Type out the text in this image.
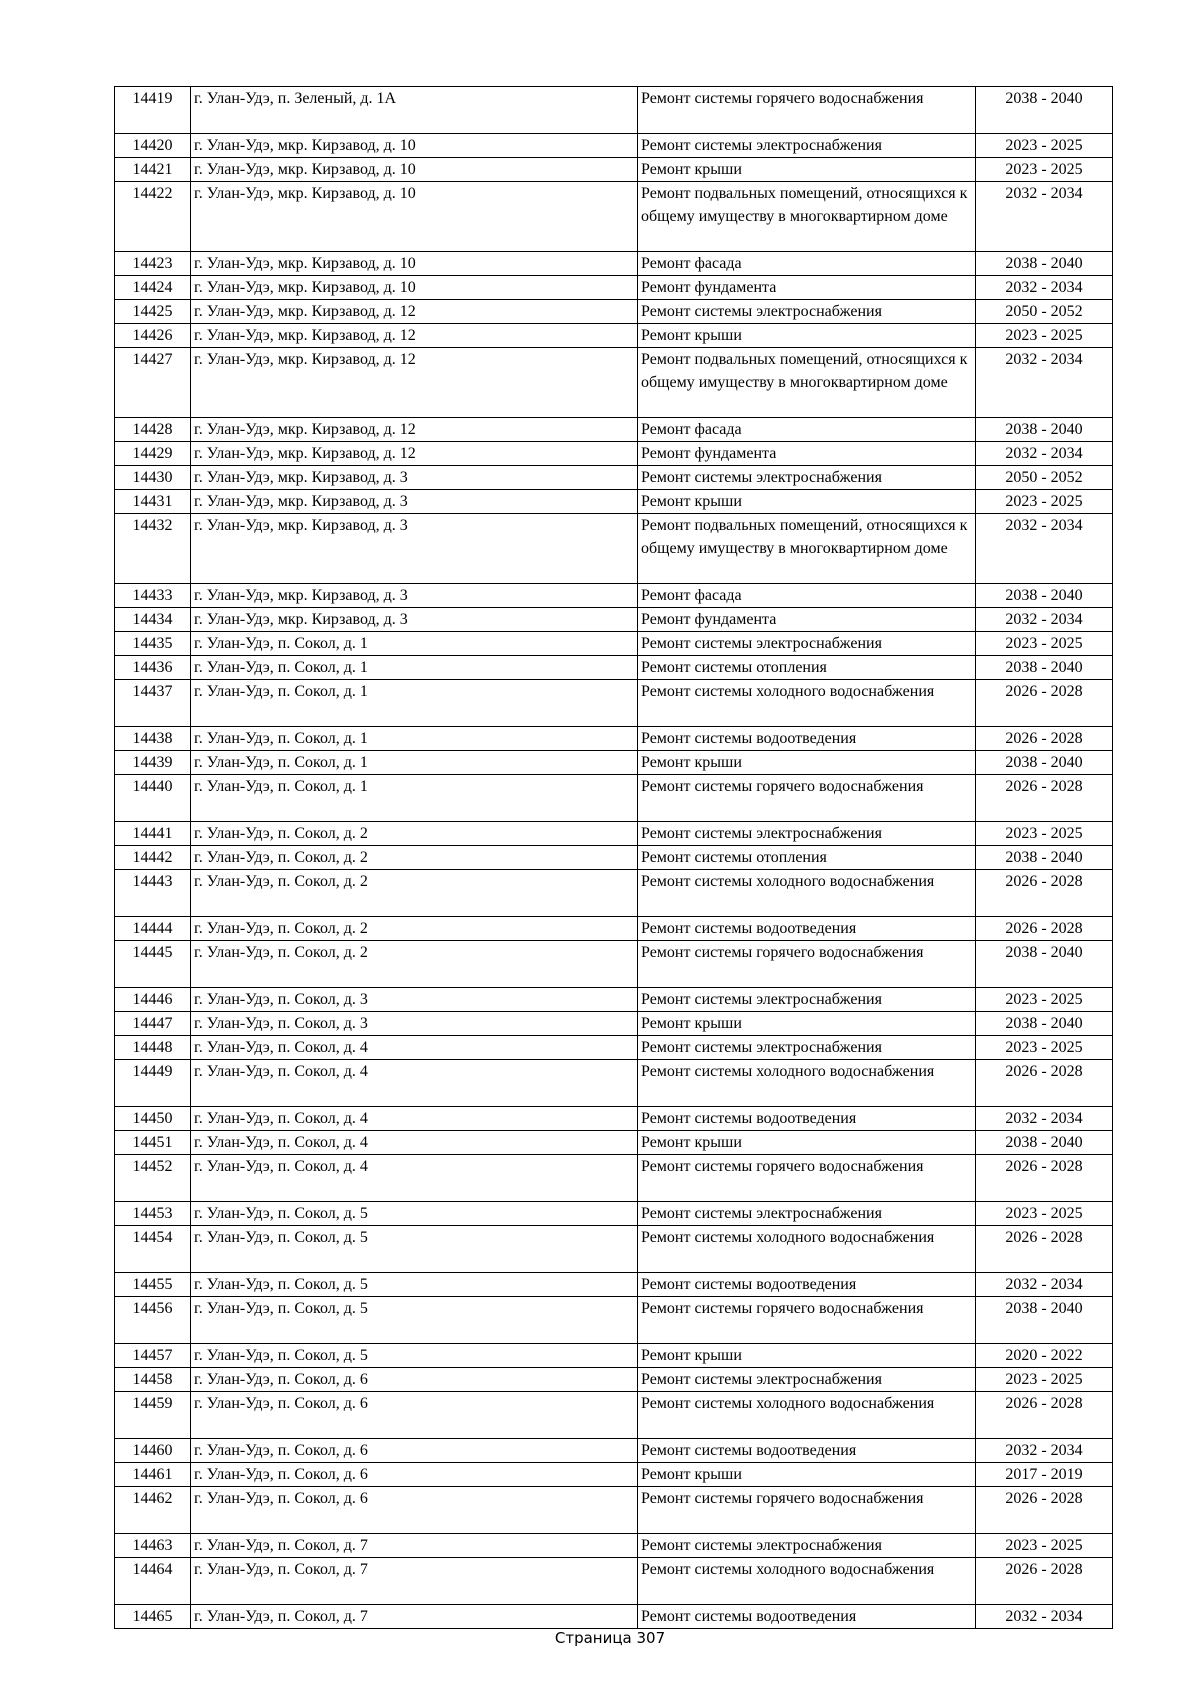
14419	г. Улан-Удэ, п. Зеленый, д. 1А	Ремонт системы горячего водоснабжения	2038 - 2040
14420	г. Улан-Удэ, мкр. Кирзавод, д. 10	Ремонт системы электроснабжения	2023 - 2025
14421	г. Улан-Удэ, мкр. Кирзавод, д. 10	Ремонт крыши	2023 - 2025
14422	г. Улан-Удэ, мкр. Кирзавод, д. 10	Ремонт подвальных помещений, относящихся к общему имуществу в многоквартирном доме	2032 - 2034
14423	г. Улан-Удэ, мкр. Кирзавод, д. 10	Ремонт фасада	2038 - 2040
14424	г. Улан-Удэ, мкр. Кирзавод, д. 10	Ремонт фундамента	2032 - 2034
14425	г. Улан-Удэ, мкр. Кирзавод, д. 12	Ремонт системы электроснабжения	2050 - 2052
14426	г. Улан-Удэ, мкр. Кирзавод, д. 12	Ремонт крыши	2023 - 2025
14427	г. Улан-Удэ, мкр. Кирзавод, д. 12	Ремонт подвальных помещений, относящихся к общему имуществу в многоквартирном доме	2032 - 2034
14428	г. Улан-Удэ, мкр. Кирзавод, д. 12	Ремонт фасада	2038 - 2040
14429	г. Улан-Удэ, мкр. Кирзавод, д. 12	Ремонт фундамента	2032 - 2034
14430	г. Улан-Удэ, мкр. Кирзавод, д. 3	Ремонт системы электроснабжения	2050 - 2052
14431	г. Улан-Удэ, мкр. Кирзавод, д. 3	Ремонт крыши	2023 - 2025
14432	г. Улан-Удэ, мкр. Кирзавод, д. 3	Ремонт подвальных помещений, относящихся к общему имуществу в многоквартирном доме	2032 - 2034
14433	г. Улан-Удэ, мкр. Кирзавод, д. 3	Ремонт фасада	2038 - 2040
14434	г. Улан-Удэ, мкр. Кирзавод, д. 3	Ремонт фундамента	2032 - 2034
14435	г. Улан-Удэ, п. Сокол, д. 1	Ремонт системы электроснабжения	2023 - 2025
14436	г. Улан-Удэ, п. Сокол, д. 1	Ремонт системы отопления	2038 - 2040
14437	г. Улан-Удэ, п. Сокол, д. 1	Ремонт системы холодного водоснабжения	2026 - 2028
14438	г. Улан-Удэ, п. Сокол, д. 1	Ремонт системы водоотведения	2026 - 2028
14439	г. Улан-Удэ, п. Сокол, д. 1	Ремонт крыши	2038 - 2040
14440	г. Улан-Удэ, п. Сокол, д. 1	Ремонт системы горячего водоснабжения	2026 - 2028
14441	г. Улан-Удэ, п. Сокол, д. 2	Ремонт системы электроснабжения	2023 - 2025
14442	г. Улан-Удэ, п. Сокол, д. 2	Ремонт системы отопления	2038 - 2040
14443	г. Улан-Удэ, п. Сокол, д. 2	Ремонт системы холодного водоснабжения	2026 - 2028
14444	г. Улан-Удэ, п. Сокол, д. 2	Ремонт системы водоотведения	2026 - 2028
14445	г. Улан-Удэ, п. Сокол, д. 2	Ремонт системы горячего водоснабжения	2038 - 2040
14446	г. Улан-Удэ, п. Сокол, д. 3	Ремонт системы электроснабжения	2023 - 2025
14447	г. Улан-Удэ, п. Сокол, д. 3	Ремонт крыши	2038 - 2040
14448	г. Улан-Удэ, п. Сокол, д. 4	Ремонт системы электроснабжения	2023 - 2025
14449	г. Улан-Удэ, п. Сокол, д. 4	Ремонт системы холодного водоснабжения	2026 - 2028
14450	г. Улан-Удэ, п. Сокол, д. 4	Ремонт системы водоотведения	2032 - 2034
14451	г. Улан-Удэ, п. Сокол, д. 4	Ремонт крыши	2038 - 2040
14452	г. Улан-Удэ, п. Сокол, д. 4	Ремонт системы горячего водоснабжения	2026 - 2028
14453	г. Улан-Удэ, п. Сокол, д. 5	Ремонт системы электроснабжения	2023 - 2025
14454	г. Улан-Удэ, п. Сокол, д. 5	Ремонт системы холодного водоснабжения	2026 - 2028
14455	г. Улан-Удэ, п. Сокол, д. 5	Ремонт системы водоотведения	2032 - 2034
14456	г. Улан-Удэ, п. Сокол, д. 5	Ремонт системы горячего водоснабжения	2038 - 2040
14457	г. Улан-Удэ, п. Сокол, д. 5	Ремонт крыши	2020 - 2022
14458	г. Улан-Удэ, п. Сокол, д. 6	Ремонт системы электроснабжения	2023 - 2025
14459	г. Улан-Удэ, п. Сокол, д. 6	Ремонт системы холодного водоснабжения	2026 - 2028
14460	г. Улан-Удэ, п. Сокол, д. 6	Ремонт системы водоотведения	2032 - 2034
14461	г. Улан-Удэ, п. Сокол, д. 6	Ремонт крыши	2017 - 2019
14462	г. Улан-Удэ, п. Сокол, д. 6	Ремонт системы горячего водоснабжения	2026 - 2028
14463	г. Улан-Удэ, п. Сокол, д. 7	Ремонт системы электроснабжения	2023 - 2025
14464	г. Улан-Удэ, п. Сокол, д. 7	Ремонт системы холодного водоснабжения	2026 - 2028
14465	г. Улан-Удэ, п. Сокол, д. 7	Ремонт системы водоотведения	2032 - 2034
Страница 307
